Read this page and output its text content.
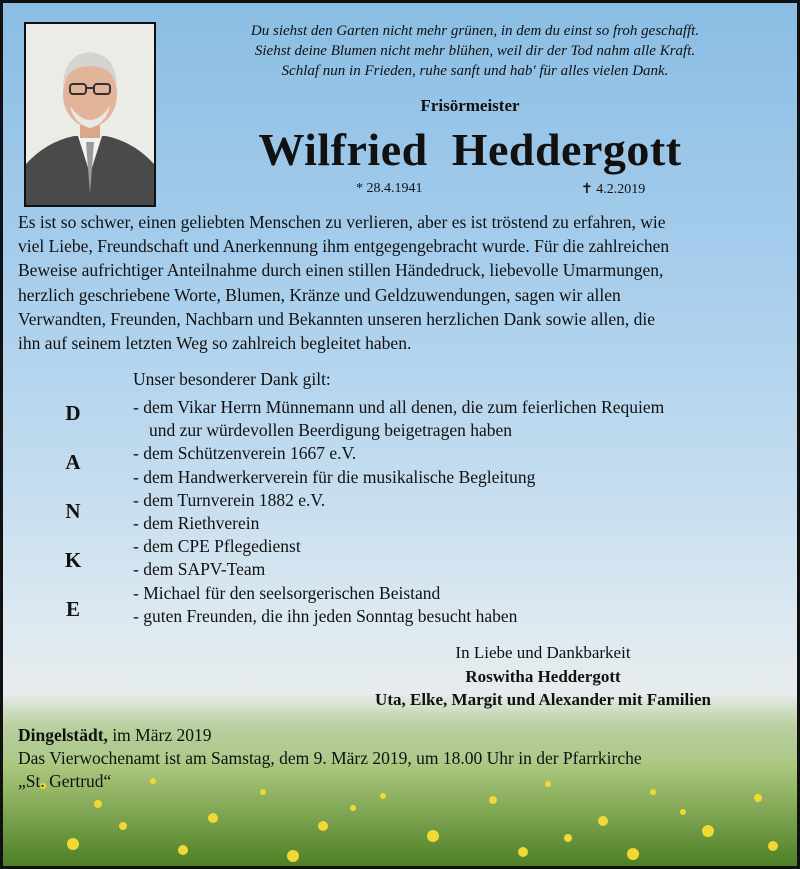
Du siehst den Garten nicht mehr grünen, in dem du einst so froh geschafft.
Siehst deine Blumen nicht mehr blühen, weil dir der Tod nahm alle Kraft.
Schlaf nun in Frieden, ruhe sanft und hab' für alles vielen Dank.
Frisörmeister
Wilfried  Heddergott
* 28.4.1941	✝ 4.2.2019
Es ist so schwer, einen geliebten Menschen zu verlieren, aber es ist tröstend zu erfahren, wie
viel Liebe, Freundschaft und Anerkennung ihm entgegengebracht wurde. Für die zahlreichen
Beweise aufrichtiger Anteilnahme durch einen stillen Händedruck, liebevolle Umarmungen,
herzlich geschriebene Worte, Blumen, Kränze und Geldzuwendungen, sagen wir allen
Verwandten, Freunden, Nachbarn und Bekannten unseren herzlichen Dank sowie allen, die
ihn auf seinem letzten Weg so zahlreich begleitet haben.
Unser besonderer Dank gilt:
D
A
N
K
E
- dem Vikar Herrn Münnemann und all denen, die zum feierlichen Requiem
und zur würdevollen Beerdigung beigetragen haben
- dem Schützenverein 1667 e.V.
- dem Handwerkerverein für die musikalische Begleitung
- dem Turnverein 1882 e.V.
- dem Riethverein
- dem CPE Pflegedienst
- dem SAPV-Team
- Michael für den seelsorgerischen Beistand
- guten Freunden, die ihn jeden Sonntag besucht haben
In Liebe und Dankbarkeit
Roswitha Heddergott
Uta, Elke, Margit und Alexander mit Familien
Dingelstädt, im März 2019
Das Vierwochenamt ist am Samstag, dem 9. März 2019, um 18.00 Uhr in der Pfarrkirche
„St. Gertrud“
